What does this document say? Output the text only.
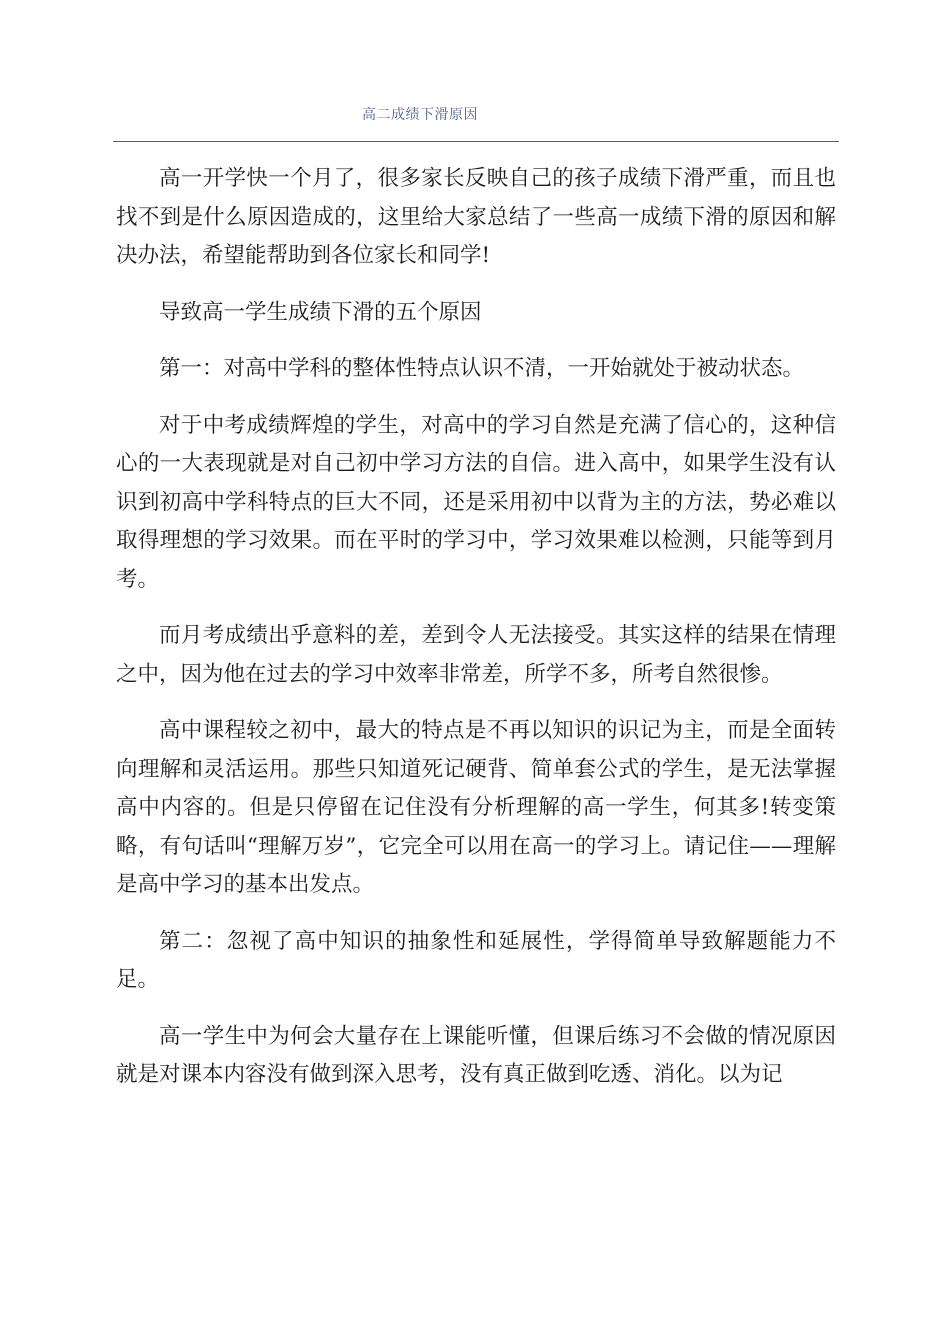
高二成绩下滑原因

高一开学快一个月了，很多家长反映自己的孩子成绩下滑严重，而且也找不到是什么原因造成的，这里给大家总结了一些高一成绩下滑的原因和解决办法，希望能帮助到各位家长和同学!

导致高一学生成绩下滑的五个原因

第一：对高中学科的整体性特点认识不清，一开始就处于被动状态。

对于中考成绩辉煌的学生，对高中的学习自然是充满了信心的，这种信心的一大表现就是对自己初中学习方法的自信。进入高中，如果学生没有认识到初高中学科特点的巨大不同，还是采用初中以背为主的方法，势必难以取得理想的学习效果。而在平时的学习中，学习效果难以检测，只能等到月考。

而月考成绩出乎意料的差，差到令人无法接受。其实这样的结果在情理之中，因为他在过去的学习中效率非常差，所学不多，所考自然很惨。

高中课程较之初中，最大的特点是不再以知识的识记为主，而是全面转向理解和灵活运用。那些只知道死记硬背、简单套公式的学生，是无法掌握高中内容的。但是只停留在记住没有分析理解的高一学生，何其多!转变策略，有句话叫“理解万岁”，它完全可以用在高一的学习上。请记住——理解是高中学习的基本出发点。

第二：忽视了高中知识的抽象性和延展性，学得简单导致解题能力不足。

高一学生中为何会大量存在上课能听懂，但课后练习不会做的情况原因就是对课本内容没有做到深入思考，没有真正做到吃透、消化。以为记
